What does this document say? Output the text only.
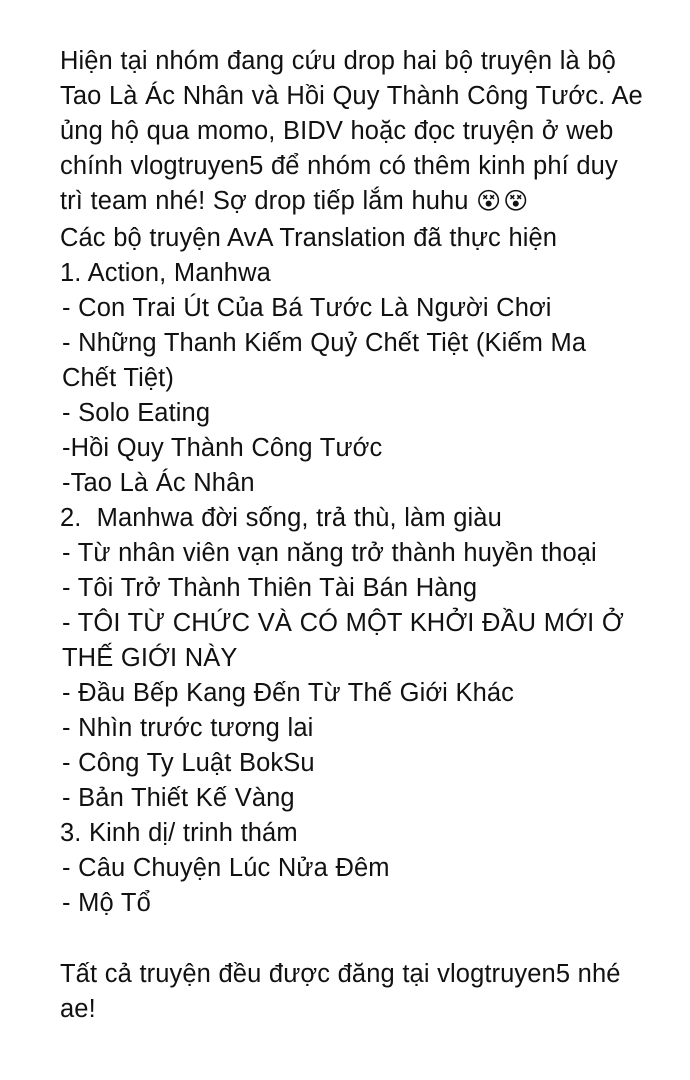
Hiện tại nhóm đang cứu drop hai bộ truyện là bộ Tao Là Ác Nhân và Hồi Quy Thành Công Tước. Ae ủng hộ qua momo, BIDV hoặc đọc truyện ở web chính vlogtruyen5 để nhóm có thêm kinh phí duy trì team nhé! Sợ drop tiếp lắm huhu 😵😵

Các bộ truyện AvA Translation đã thực hiện

1. Action, Manhwa

- Con Trai Út Của Bá Tước Là Người Chơi

- Những Thanh Kiếm Quỷ Chết Tiệt (Kiếm Ma Chết Tiệt)

- Solo Eating

-Hồi Quy Thành Công Tước

-Tao Là Ác Nhân

2.  Manhwa đời sống, trả thù, làm giàu

- Từ nhân viên vạn năng trở thành huyền thoại

- Tôi Trở Thành Thiên Tài Bán Hàng

- TÔI TỪ CHỨC VÀ CÓ MỘT KHỞI ĐẦU MỚI Ở THẾ GIỚI NÀY

- Đầu Bếp Kang Đến Từ Thế Giới Khác

- Nhìn trước tương lai

- Công Ty Luật BokSu

- Bản Thiết Kế Vàng

3. Kinh dị/ trinh thám

- Câu Chuyện Lúc Nửa Đêm

- Mộ Tổ

Tất cả truyện đều được đăng tại vlogtruyen5 nhé ae!
